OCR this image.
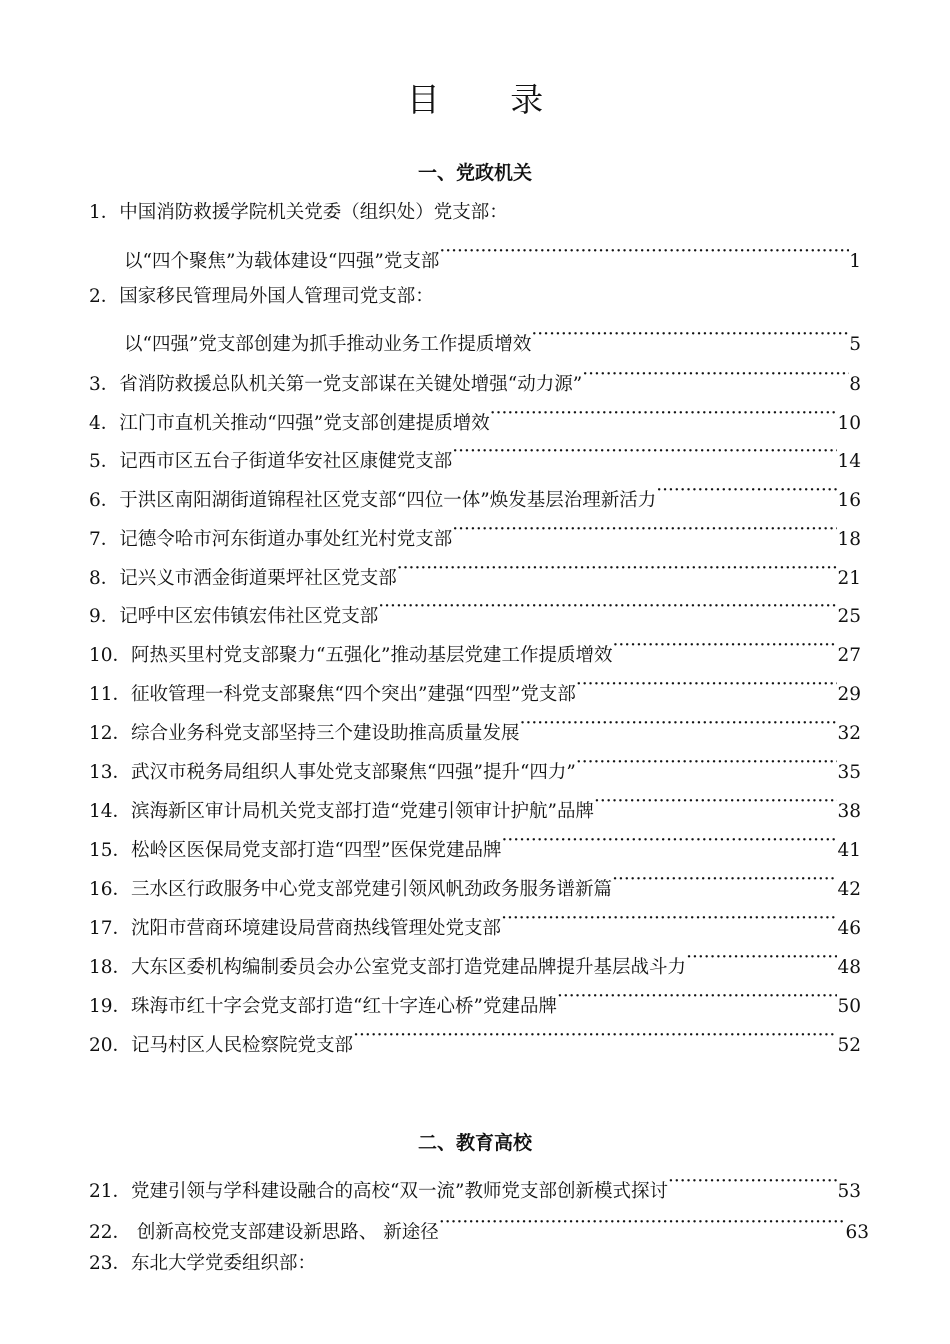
目 录
一、党政机关
1． 中国消防救援学院机关党委（组织处）党支部：
以“四个聚焦”为载体建设“四强”党支部 ·····	1
2． 国家移民管理局外国人管理司党支部：
以“四强”党支部创建为抓手推动业务工作提质增效 ·····	5
3． 省消防救援总队机关第一党支部谋在关键处增强“动力源” ·····	8
4． 江门市直机关推动“四强”党支部创建提质增效 ·····	10
5． 记西市区五台子街道华安社区康健党支部 ·····	14
6． 于洪区南阳湖街道锦程社区党支部“四位一体”焕发基层治理新活力 ·····	16
7． 记德令哈市河东街道办事处红光村党支部 ·····	18
8． 记兴义市洒金街道栗坪社区党支部 ·····	21
9． 记呼中区宏伟镇宏伟社区党支部 ·····	25
10． 阿热买里村党支部聚力“五强化”推动基层党建工作提质增效 ·····	27
11． 征收管理一科党支部聚焦“四个突出”建强“四型”党支部 ·····	29
12． 综合业务科党支部坚持三个建设助推高质量发展 ·····	32
13． 武汉市税务局组织人事处党支部聚焦“四强”提升“四力” ·····	35
14． 滨海新区审计局机关党支部打造“党建引领审计护航”品牌 ·····	38
15． 松岭区医保局党支部打造“四型”医保党建品牌 ·····	41
16． 三水区行政服务中心党支部党建引领风帆劲政务服务谱新篇 ·····	42
17． 沈阳市营商环境建设局营商热线管理处党支部 ·····	46
18． 大东区委机构编制委员会办公室党支部打造党建品牌提升基层战斗力 ·····	48
19． 珠海市红十字会党支部打造“红十字连心桥”党建品牌 ·····	50
20． 记马村区人民检察院党支部 ·····	52
二、教育高校
21． 党建引领与学科建设融合的高校“双一流”教师党支部创新模式探讨 ·····	53
22． 创新高校党支部建设新思路、 新途径 ·····	63
23． 东北大学党委组织部：
